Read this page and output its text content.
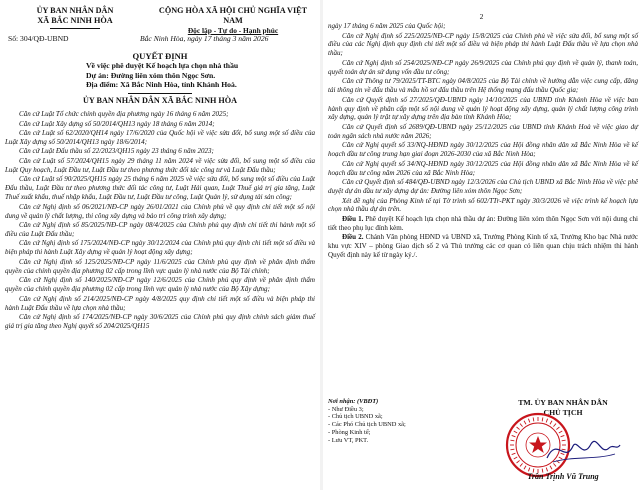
ỦY BAN NHÂN DÂN
XÃ BẮC NINH HÒA
CỘNG HÒA XÃ HỘI CHỦ NGHĨA VIỆT NAM
Độc lập - Tự do - Hạnh phúc
Số: 304/QĐ-UBND	Bắc Ninh Hòa, ngày 17 tháng 3 năm 2026
QUYẾT ĐỊNH
Về việc phê duyệt Kế hoạch lựa chọn nhà thầu
Dự án: Đường liên xóm thôn Ngọc Sơn.
Địa điểm: Xã Bắc Ninh Hòa, tỉnh Khánh Hoà.
ỦY BAN NHÂN DÂN XÃ BẮC NINH HÒA

Căn cứ Luật Tổ chức chính quyền địa phương ngày 16 tháng 6 năm 2025;

Căn cứ Luật Xây dựng số 50/2014/QH13 ngày 18 tháng 6 năm 2014;

Căn cứ Luật số 62/2020/QH14 ngày 17/6/2020 của Quốc hội về việc sửa đổi, bổ sung một số điều của Luật Xây dựng số 50/2014/QH13 ngày 18/6/2014;

Căn cứ Luật Đấu thầu số 22/2023/QH15 ngày 23 tháng 6 năm 2023;

Căn cứ Luật số 57/2024/QH15 ngày 29 tháng 11 năm 2024 về việc sửa đổi, bổ sung một số điều của Luật Quy hoạch, Luật Đầu tư, Luật Đầu tư theo phương thức đối tác công tư và Luật Đấu thầu;

Căn cứ Luật số 90/2025/QH15 ngày 25 tháng 6 năm 2025 về việc sửa đổi, bổ sung một số điều của Luật Đấu thầu, Luật Đầu tư theo phương thức đối tác công tư, Luật Hải quan, Luật Thuế giá trị gia tăng, Luật Thuế xuất khẩu, thuế nhập khẩu, Luật Đầu tư, Luật Đầu tư công, Luật Quản lý, sử dụng tài sản công;

Căn cứ Nghị định số 06/2021/NĐ-CP ngày 26/01/2021 của Chính phủ về quy định chi tiết một số nội dung về quản lý chất lượng, thi công xây dựng và bảo trì công trình xây dựng;

Căn cứ Nghị định số 85/2025/NĐ-CP ngày 08/4/2025 của Chính phủ quy định chi tiết thi hành một số điều của Luật Đấu thầu;

Căn cứ Nghị định số 175/2024/NĐ-CP ngày 30/12/2024 của Chính phủ quy định chi tiết một số điều và biện pháp thi hành Luật Xây dựng về quản lý hoạt động xây dựng;

Căn cứ Nghị định số 125/2025/NĐ-CP ngày 11/6/2025 của Chính phủ quy định về phân định thẩm quyền của chính quyền địa phương 02 cấp trong lĩnh vực quản lý nhà nước của Bộ Tài chính;

Căn cứ Nghị định số 140/2025/NĐ-CP ngày 12/6/2025 của Chính phủ quy định về phân định thẩm quyền của chính quyền địa phương 02 cấp trong lĩnh vực quản lý nhà nước của Bộ Xây dựng;

Căn cứ Nghị định số 214/2025/NĐ-CP ngày 4/8/2025 quy định chi tiết một số điều và biện pháp thi hành Luật Đấu thầu về lựa chọn nhà thầu;

Căn cứ Nghị định số 174/2025/NĐ-CP ngày 30/6/2025 của Chính phủ quy định chính sách giảm thuế giá trị gia tăng theo Nghị quyết số 204/2025/QH15

2

ngày 17 tháng 6 năm 2025 của Quốc hội;

Căn cứ Nghị định số 225/2025/NĐ-CP ngày 15/8/2025 của Chính phủ về việc sửa đổi, bổ sung một số điều của các Nghị định quy định chi tiết một số điều và biện pháp thi hành Luật Đấu thầu về lựa chọn nhà thầu;

Căn cứ Nghị định số 254/2025/NĐ-CP ngày 26/9/2025 của Chính phủ quy định về quản lý, thanh toán, quyết toán dự án sử dụng vốn đầu tư công;

Căn cứ Thông tư 79/2025/TT-BTC ngày 04/8/2025 của Bộ Tài chính về hướng dẫn việc cung cấp, đăng tải thông tin về đấu thầu và mẫu hồ sơ đấu thầu trên Hệ thống mạng đấu thầu Quốc gia;

Căn cứ Quyết định số 27/2025/QĐ-UBND ngày 14/10/2025 của UBND tỉnh Khánh Hòa về việc ban hành quy định về phân cấp một số nội dung về quản lý hoạt động xây dựng, quản lý chất lượng công trình xây dựng, quản lý trật tự xây dựng trên địa bàn tỉnh Khánh Hòa;

Căn cứ Quyết định số 2689/QĐ-UBND ngày 25/12/2025 của UBND tỉnh Khánh Hoà về việc giao dự toán ngân sách nhà nước năm 2026;

Căn cứ Nghị quyết số 33/NQ-HĐND ngày 30/12/2025 của Hội đồng nhân dân xã Bắc Ninh Hòa về kế hoạch đầu tư công trung hạn giai đoạn 2026-2030 của xã Bắc Ninh Hòa;

Căn cứ Nghị quyết số 34/NQ-HĐND ngày 30/12/2025 của Hội đồng nhân dân xã Bắc Ninh Hòa về kế hoạch đầu tư công năm 2026 của xã Bắc Ninh Hòa;

Căn cứ Quyết định số 484/QĐ-UBND ngày 12/3/2026 của Chủ tịch UBND xã Bắc Ninh Hòa về việc phê duyệt dự án đầu tư xây dựng dự án: Đường liên xóm thôn Ngọc Sơn;

Xét đề nghị của Phòng Kinh tế tại Tờ trình số 602/TTr-PKT ngày 30/3/2026 về việc trình kế hoạch lựa chọn nhà thầu dự án trên.

Điều 1. Phê duyệt Kế hoạch lựa chọn nhà thầu dự án: Đường liên xóm thôn Ngọc Sơn với nội dung chi tiết theo phụ lục đính kèm.

Điều 2. Chánh Văn phòng HĐND và UBND xã, Trưởng Phòng Kinh tế xã, Trưởng Kho bạc Nhà nước khu vực XIV – phòng Giao dịch số 2 và Thủ trưởng các cơ quan có liên quan chịu trách nhiệm thi hành Quyết định này kể từ ngày ký./.

Nơi nhận: (VBĐT)
- Như Điều 3;
- Chủ tịch UBND xã;
- Các Phó Chủ tịch UBND xã;
- Phòng Kinh tế;
- Lưu VT, PKT.
TM. ỦY BAN NHÂN DÂN
CHỦ TỊCH
Trần Trịnh Vũ Trung
